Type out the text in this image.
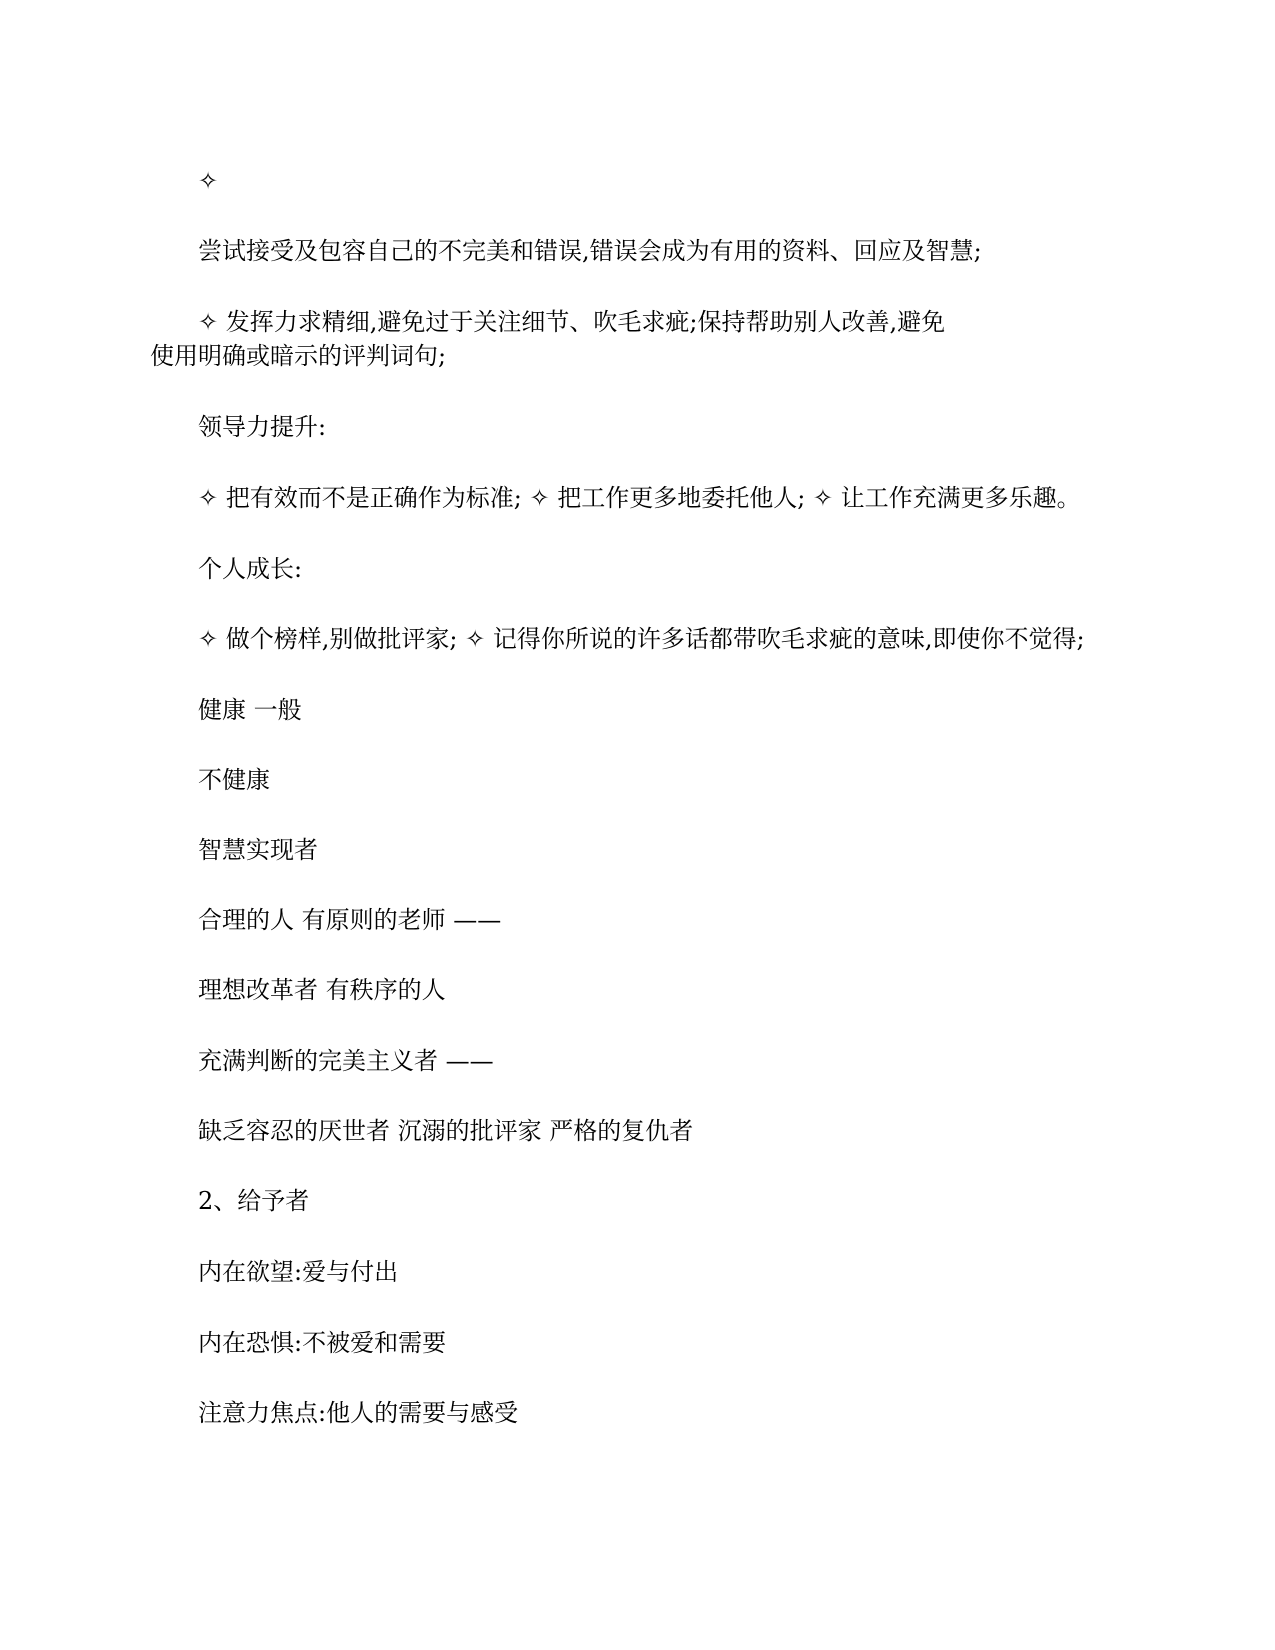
✧
尝试接受及包容自己的不完美和错误,错误会成为有用的资料、回应及智慧;
✧ 发挥力求精细,避免过于关注细节、吹毛求疵;保持帮助别人改善,避免
使用明确或暗示的评判词句;
领导力提升:
✧ 把有效而不是正确作为标准; ✧ 把工作更多地委托他人; ✧ 让工作充满更多乐趣。
个人成长:
✧ 做个榜样,别做批评家; ✧ 记得你所说的许多话都带吹毛求疵的意味,即使你不觉得;
健康 一般
不健康
智慧实现者
合理的人 有原则的老师 ——
理想改革者 有秩序的人
充满判断的完美主义者 ——
缺乏容忍的厌世者 沉溺的批评家 严格的复仇者
2、给予者
内在欲望:爱与付出
内在恐惧:不被爱和需要
注意力焦点:他人的需要与感受
